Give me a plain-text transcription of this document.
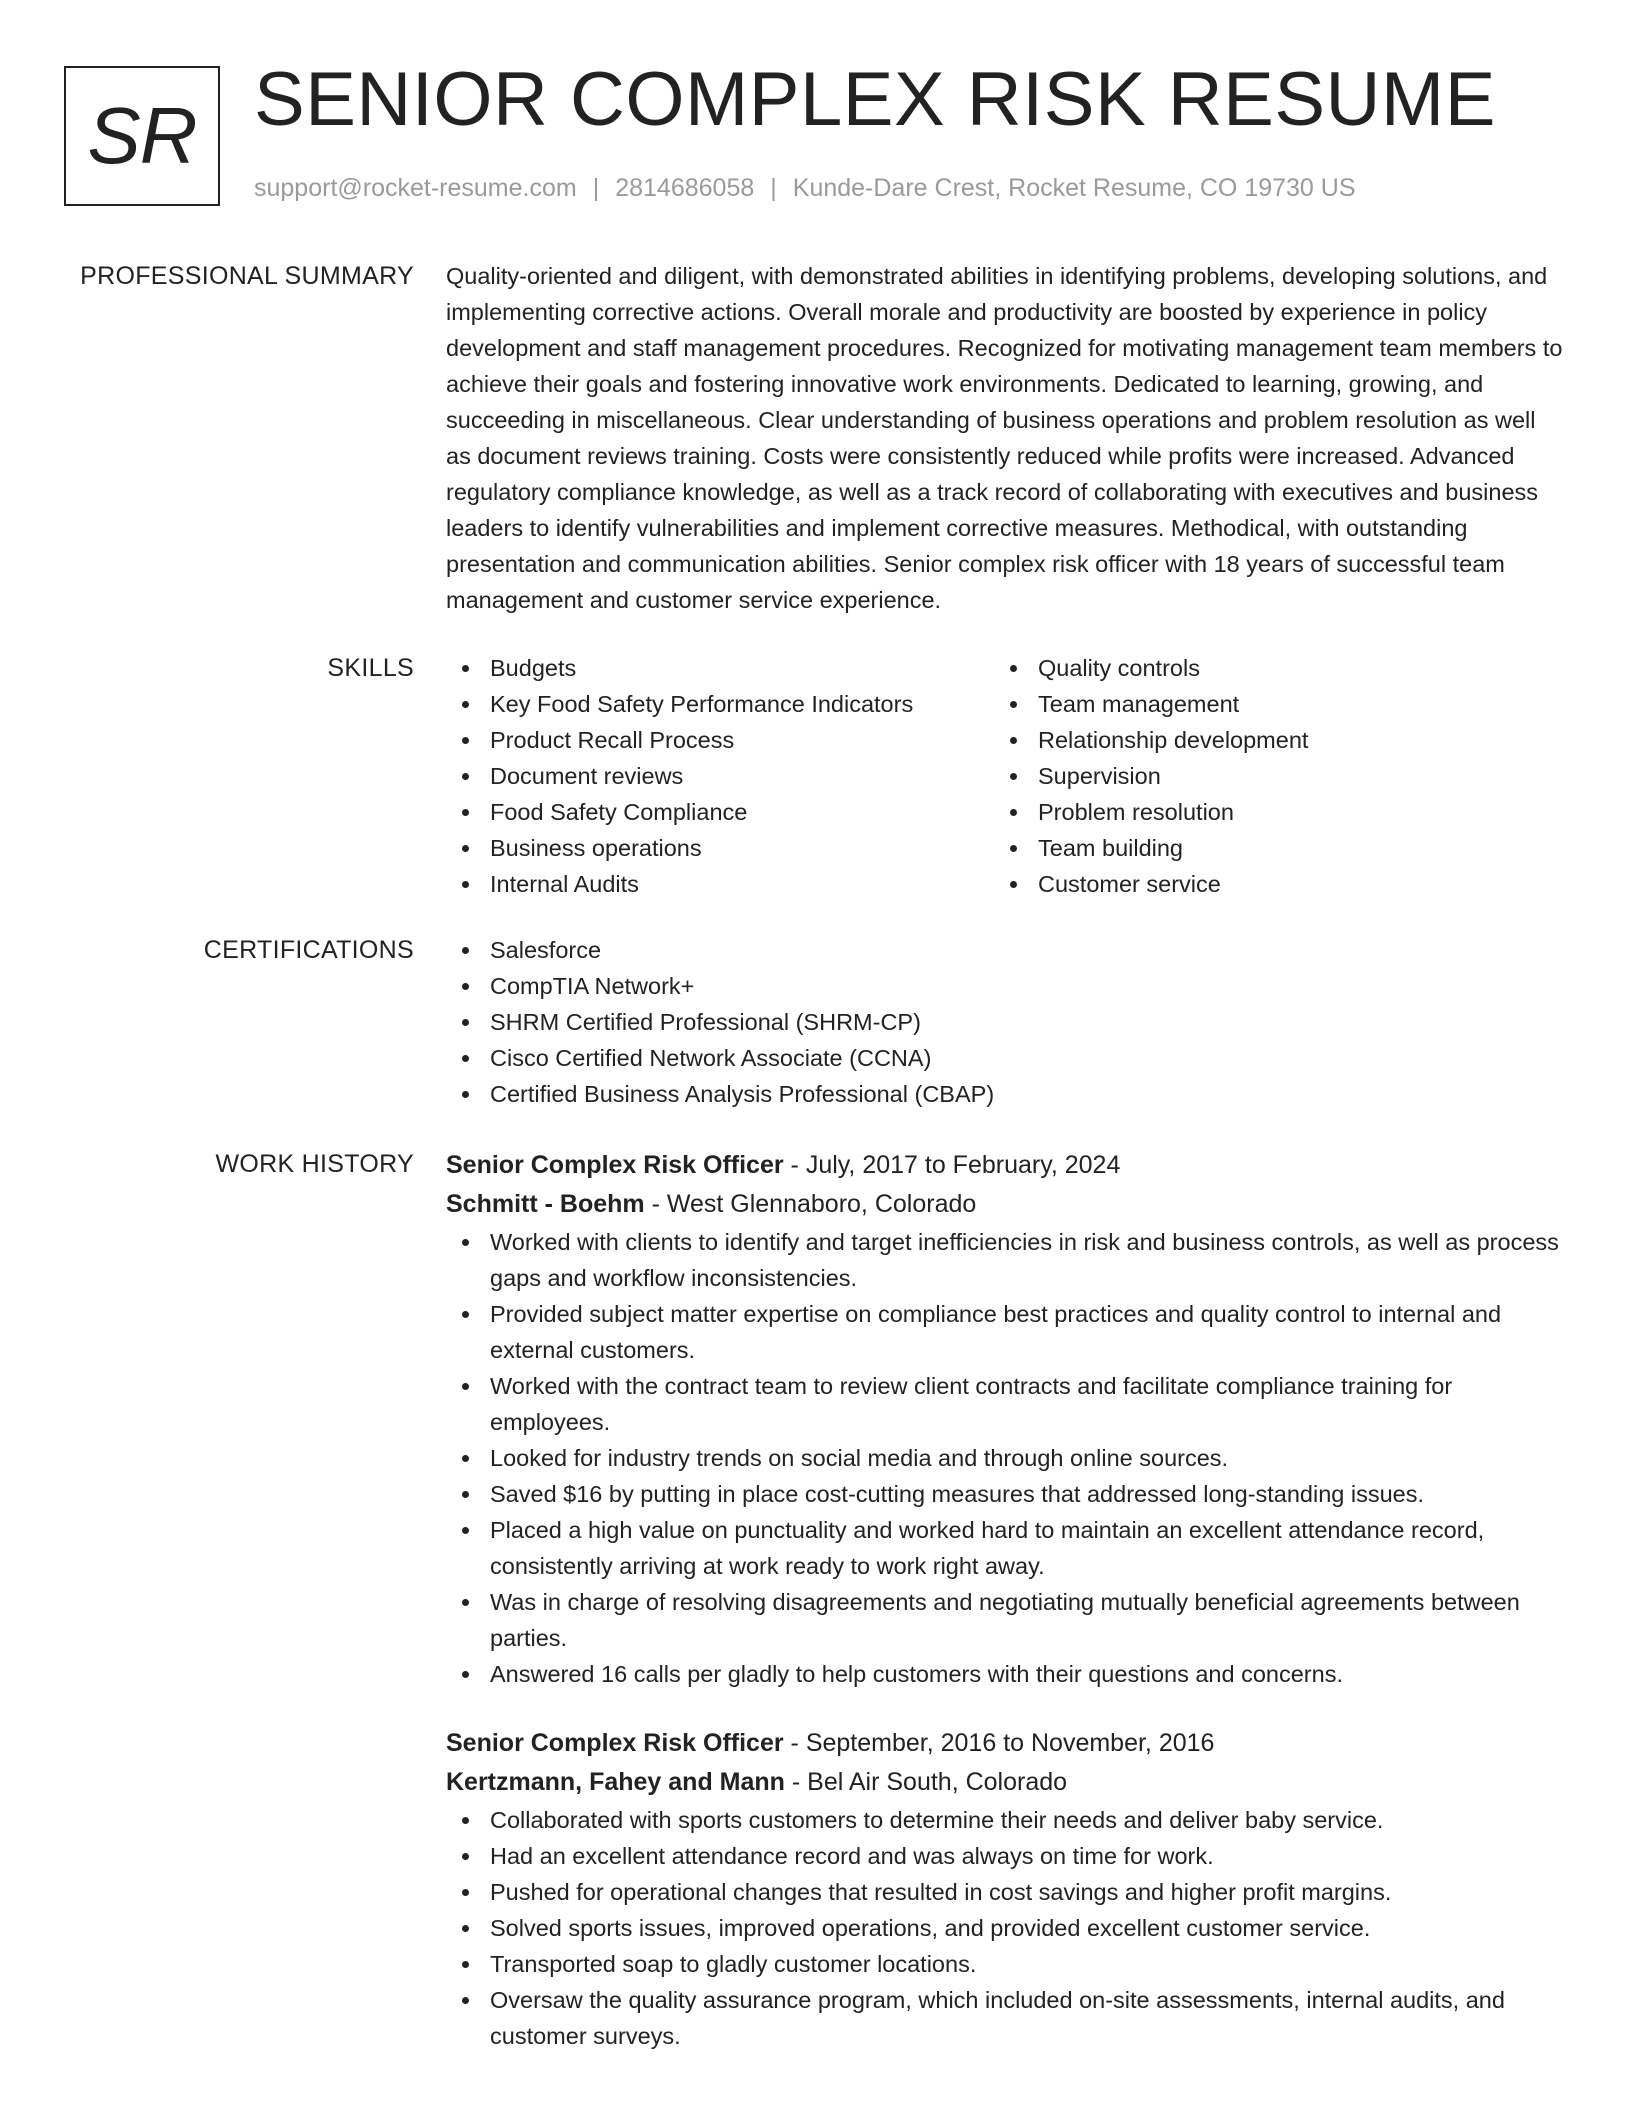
SR SENIOR COMPLEX RISK RESUME
support@rocket-resume.com | 2814686058 | Kunde-Dare Crest, Rocket Resume, CO 19730 US
PROFESSIONAL SUMMARY Quality-oriented and diligent, with demonstrated abilities in identifying problems, developing solutions, and implementing corrective actions. Overall morale and productivity are boosted by experience in policy development and staff management procedures. Recognized for motivating management team members to achieve their goals and fostering innovative work environments. Dedicated to learning, growing, and succeeding in miscellaneous. Clear understanding of business operations and problem resolution as well as document reviews training. Costs were consistently reduced while profits were increased. Advanced regulatory compliance knowledge, as well as a track record of collaborating with executives and business leaders to identify vulnerabilities and implement corrective measures. Methodical, with outstanding presentation and communication abilities. Senior complex risk officer with 18 years of successful team management and customer service experience.

SKILLS	Budgets
Key Food Safety Performance Indicators
Product Recall Process
Document reviews
Food Safety Compliance
Business operations
Internal Audits
Quality controls
Team management
Relationship development
Supervision
Problem resolution
Team building
Customer service
CERTIFICATIONS	Salesforce
CompTIA Network+
SHRM Certified Professional (SHRM-CP)
Cisco Certified Network Associate (CCNA)
Certified Business Analysis Professional (CBAP)
WORK HISTORY Senior Complex Risk Officer - July, 2017 to February, 2024
Schmitt - Boehm - West Glennaboro, Colorado
Worked with clients to identify and target inefficiencies in risk and business controls, as well as process gaps and workflow inconsistencies.
Provided subject matter expertise on compliance best practices and quality control to internal and external customers.
Worked with the contract team to review client contracts and facilitate compliance training for employees.
Looked for industry trends on social media and through online sources.
Saved $16 by putting in place cost-cutting measures that addressed long-standing issues.
Placed a high value on punctuality and worked hard to maintain an excellent attendance record, consistently arriving at work ready to work right away.
Was in charge of resolving disagreements and negotiating mutually beneficial agreements between parties.
Answered 16 calls per gladly to help customers with their questions and concerns.
Senior Complex Risk Officer - September, 2016 to November, 2016
Kertzmann, Fahey and Mann - Bel Air South, Colorado
Collaborated with sports customers to determine their needs and deliver baby service.
Had an excellent attendance record and was always on time for work.
Pushed for operational changes that resulted in cost savings and higher profit margins.
Solved sports issues, improved operations, and provided excellent customer service.
Transported soap to gladly customer locations.
Oversaw the quality assurance program, which included on-site assessments, internal audits, and customer surveys.
